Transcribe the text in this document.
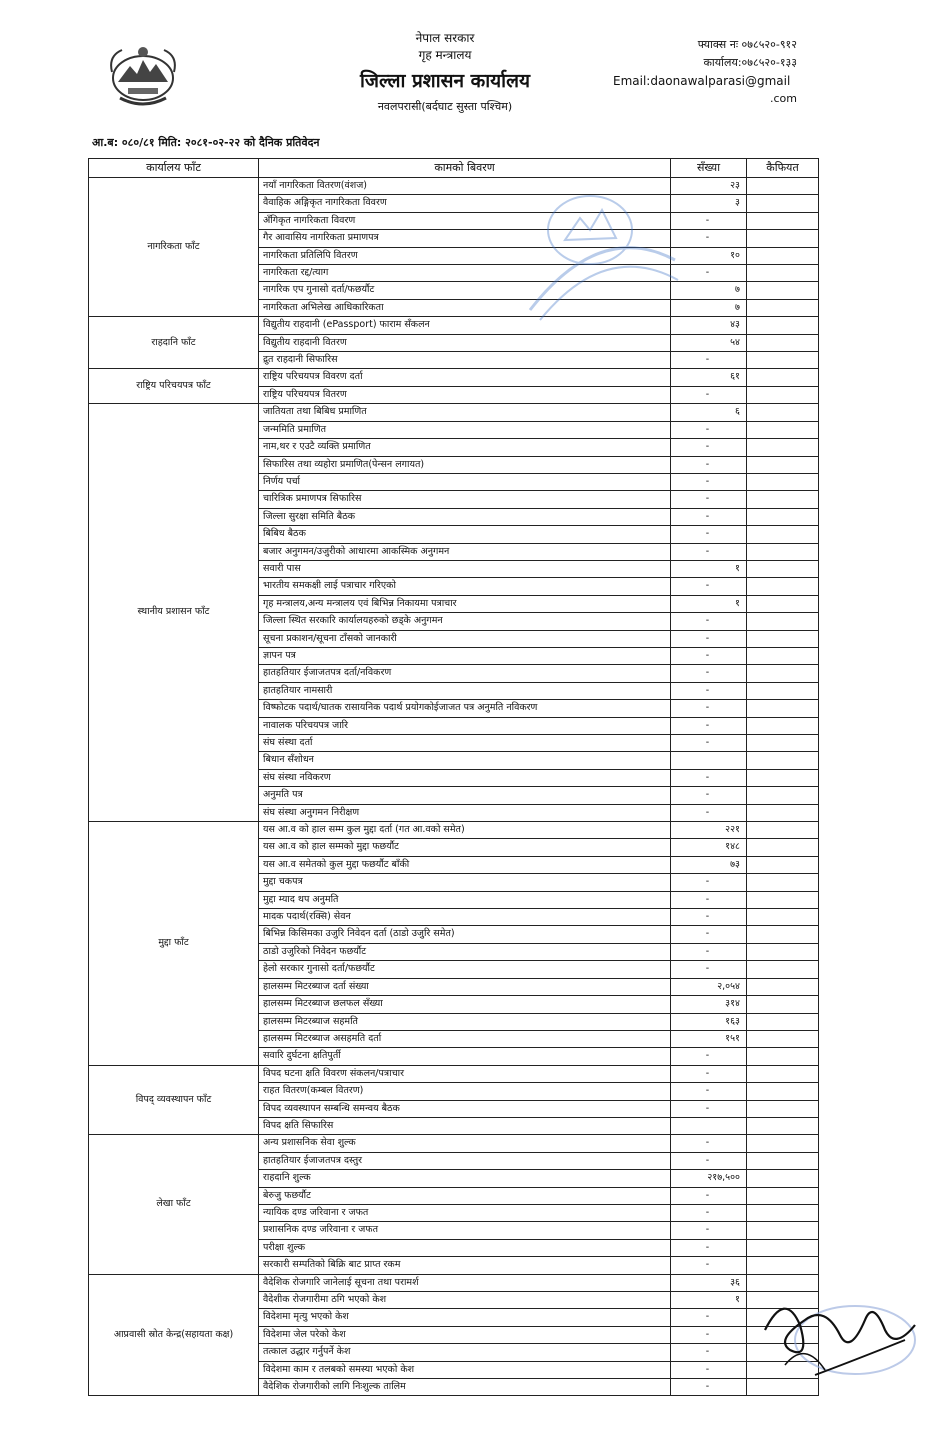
नेपाल सरकार
गृह मन्त्रालय
जिल्ला प्रशासन कार्यालय
नवलपरासी(बर्दघाट सुस्ता पश्चिम)
फ्याक्स नः ०७८५२०-९१२
कार्यालय:०७८५२०-१३३
Email:daonawalparasi@gmail
.com
आ.ब: ०८०/८१ मिति: २०८१-०२-२२ को दैनिक प्रतिवेदन
कार्यालय फाँट	कामको बिवरण	सँख्या	कैफियत
नागरिकता फाँट	नयाँ नागरिकता वितरण(वंशज)	२३	
	वैवाहिक अङ्गिकृत नागरिकता विवरण	३	
	अँगिकृत नागरिकता विवरण	-	
	गैर आवासिय नागरिकता प्रमाणपत्र	-	
	नागरिकता प्रतिलिपि वितरण	१०	
	नागरिकता रद्द/त्याग	-	
	नागरिक एप गुनासो दर्ता/फछर्यौट	७	
	नागरिकता अभिलेख आधिकारिकता	७	
राहदानि फाँट	विद्युतीय राहदानी (ePassport) फाराम सँकलन	४३	
	विद्युतीय राहदानी वितरण	५४	
	द्रुत राहदानी सिफारिस	-	
राष्ट्रिय परिचयपत्र फाँट	राष्ट्रिय परिचयपत्र विवरण दर्ता	६१	
	राष्ट्रिय परिचयपत्र वितरण	-	
स्थानीय प्रशासन फाँट	जातियता तथा बिबिध प्रमाणित	६	
	जन्ममिति प्रमाणित	-	
	नाम,थर र एउटै व्यक्ति प्रमाणित	-	
	सिफारिस तथा व्यहोरा प्रमाणित(पेन्सन लगायत)	-	
	निर्णय पर्चा	-	
	चारित्रिक प्रमाणपत्र सिफारिस	-	
	जिल्ला सुरक्षा समिति बैठक	-	
	बिबिध बैठक	-	
	बजार अनुगमन/उजुरीको आधारमा आकस्मिक अनुगमन	-	
	सवारी पास	१	
	भारतीय समकक्षी लाई पत्राचार गरिएको	-	
	गृह मन्त्रालय,अन्य मन्त्रालय एवं बिभिन्न निकायमा पत्राचार	१	
	जिल्ला स्थित सरकारि कार्यालयहरुको छड्के अनुगमन	-	
	सूचना प्रकाशन/सूचना टाँसको जानकारी	-	
	ज्ञापन पत्र	-	
	हातहतियार ईजाजतपत्र दर्ता/नविकरण	-	
	हातहतियार नामसारी	-	
	विष्फोटक पदार्थ/घातक रासायनिक पदार्थ प्रयोगकोईजाजत पत्र अनुमति नविकरण	-	
	नावालक परिचयपत्र जारि	-	
	संघ संस्था दर्ता	-	
	बिधान सँशोधन		
	संघ संस्था नविकरण	-	
	अनुमति पत्र	-	
	संघ संस्था अनुगमन निरीक्षण	-	
मुद्दा फाँट	यस आ.व को हाल सम्म कुल मुद्दा दर्ता (गत आ.वको समेत)	२२१	
	यस आ.व को हाल सम्मको मुद्दा फछर्यौट	१४८	
	यस आ.व समेतको कुल मुद्दा फछर्यौट बाँकी	७३	
	मुद्दा चकपत्र	-	
	मुद्दा म्याद थप अनुमति	-	
	मादक पदार्थ(रक्सि) सेवन	-	
	बिभिन्न किसिमका उजुरि निवेदन दर्ता (ठाडो उजुरि समेत)	-	
	ठाडो उजुरिको निवेदन फछर्यौट	-	
	हेलो सरकार गुनासो दर्ता/फछर्यौट	-	
	हालसम्म मिटरब्याज दर्ता संख्या	२,०५४	
	हालसम्म मिटरब्याज छलफल सँख्या	३१४	
	हालसम्म मिटरब्याज सहमति	१६३	
	हालसम्म मिटरब्याज असहमति दर्ता	१५१	
	सवारि दुर्घटना क्षतिपुर्ती	-	
विपद् व्यवस्थापन फाँट	विपद घटना क्षति विवरण संकलन/पत्राचार	-	
	राहत वितरण(कम्बल वितरण)	-	
	विपद व्यवस्थापन सम्बन्धि समन्वय बैठक	-	
	विपद क्षति सिफारिस		
लेखा फाँट	अन्य प्रशासनिक सेवा शुल्क	-	
	हातहतियार ईजाजतपत्र दस्तुर	-	
	राहदानि शुल्क	२१७,५००	
	बेरुजु फछर्यौट	-	
	न्यायिक दण्ड जरिवाना र जफत	-	
	प्रशासनिक दण्ड जरिवाना र जफत	-	
	परीक्षा शुल्क	-	
	सरकारी सम्पतिको बिक्रि बाट प्राप्त रकम	-	
आप्रवासी स्रोत केन्द्र(सहायता कक्ष)	वैदेशिक रोजगारि जानेलाई सूचना तथा परामर्श	३६	
	वैदेशीक रोजगारीमा ठगि भएको केश	१	
	विदेशमा मृत्यु भएको केश	-	
	विदेशमा जेल परेको केश	-	
	तत्काल उद्धार गर्नुपर्ने केश	-	
	विदेशमा काम र तलबको समस्या भएको केश	-	
	वैदेशिक रोजगारीको लागि निःशुल्क तालिम	-	
